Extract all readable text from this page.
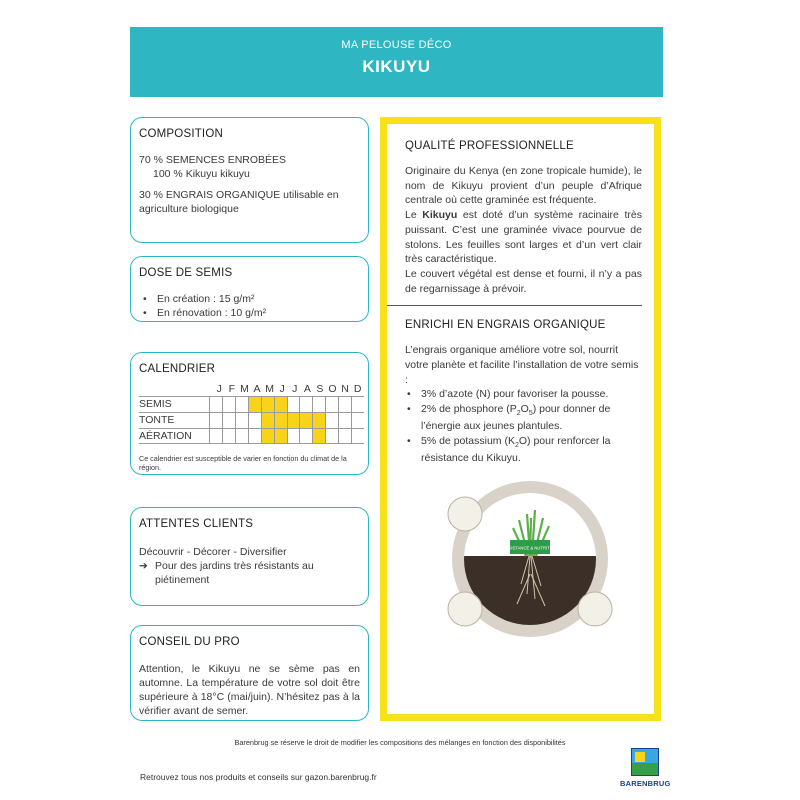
MA PELOUSE DÉCO
KIKUYU
COMPOSITION

70 % SEMENCES ENROBÉES

100 % Kikuyu kikuyu

30 % ENGRAIS ORGANIQUE utilisable en agriculture biologique

DOSE DE SEMIS
• En création : 15 g/m²
• En rénovation : 10 g/m²
CALENDRIER
J F M A M J J A S O N D
SEMIS
TONTE
AÉRATION
Ce calendrier est susceptible de varier en fonction du climat de la région.
ATTENTES CLIENTS

Découvrir - Décorer - Diversifier

➔ Pour des jardins très résistants au piétinement
CONSEIL DU PRO

Attention, le Kikuyu ne se sème pas en automne. La température de votre sol doit être supérieure à 18°C (mai/juin). N’hésitez pas à la vérifier avant de semer.

QUALITÉ PROFESSIONNELLE

Originaire du Kenya (en zone tropicale humide), le nom de Kikuyu provient d’un peuple d’Afrique centrale où cette graminée est fréquente.

Le Kikuyu est doté d’un système racinaire très puissant. C’est une graminée vivace pourvue de stolons. Les feuilles sont larges et d’un vert clair très caractéristique.

Le couvert végétal est dense et fourni, il n’y a pas de regarnissage à prévoir.

ENRICHI EN ENGRAIS ORGANIQUE

L’engrais organique améliore votre sol, nourrit votre planète et facilite l’installation de votre semis :

• 3% d’azote (N) pour favoriser la pousse.
• 2% de phosphore $(P_2O_5)$ pour donner de l’énergie aux jeunes plantules.
• 5% de potassium $(K_2O)$ pour renforcer la résistance du Kikuyu.
RÉSISTANCE & NUTRITION
Barenbrug se réserve le droit de modifier les compositions des mélanges en fonction des disponibilités
Retrouvez tous nos produits et conseils sur gazon.barenbrug.fr
BARENBRUG
